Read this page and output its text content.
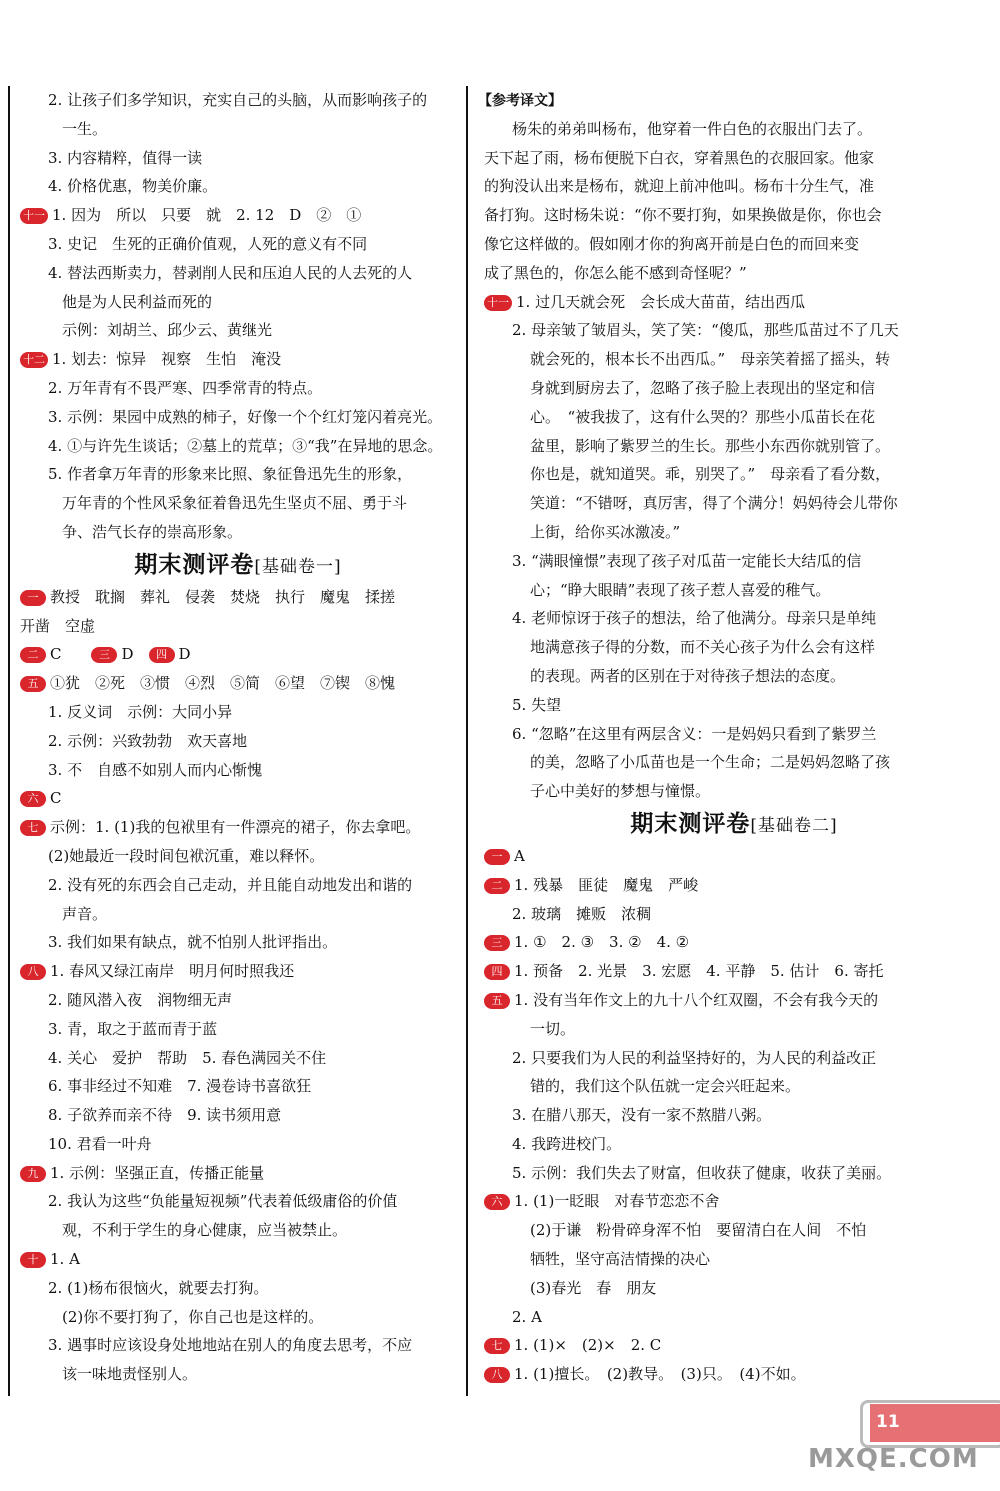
2. 让孩子们多学知识，充实自己的头脑，从而影响孩子的
一生。
3. 内容精粹，值得一读
4. 价格优惠，物美价廉。
十一 1. 因为　所以　只要　就　2. 12　D　②　①
3. 史记　生死的正确价值观，人死的意义有不同
4. 替法西斯卖力，替剥削人民和压迫人民的人去死的人
他是为人民利益而死的
示例：刘胡兰、邱少云、黄继光
十二 1. 划去：惊异　视察　生怕　淹没
2. 万年青有不畏严寒、四季常青的特点。
3. 示例：果园中成熟的柿子，好像一个个红灯笼闪着亮光。
4. ①与许先生谈话；②墓上的荒草；③“我”在异地的思念。
5. 作者拿万年青的形象来比照、象征鲁迅先生的形象，
万年青的个性风采象征着鲁迅先生坚贞不屈、勇于斗
争、浩气长存的崇高形象。
期末测评卷[基础卷一]
一 教授　耽搁　葬礼　侵袭　焚烧　执行　魔鬼　揉搓
开凿　空虚
二 C　　三 D　四 D
五 ①犹　②死　③惯　④烈　⑤简　⑥望　⑦锲　⑧愧
1. 反义词　示例：大同小异
2. 示例：兴致勃勃　欢天喜地
3. 不　自感不如别人而内心惭愧
六 C
七 示例：1. (1)我的包袱里有一件漂亮的裙子，你去拿吧。
(2)她最近一段时间包袱沉重，难以释怀。
2. 没有死的东西会自己走动，并且能自动地发出和谐的
声音。
3. 我们如果有缺点，就不怕别人批评指出。
八 1. 春风又绿江南岸　明月何时照我还
2. 随风潜入夜　润物细无声
3. 青，取之于蓝而青于蓝
4. 关心　爱护　帮助　5. 春色满园关不住
6. 事非经过不知难　7. 漫卷诗书喜欲狂
8. 子欲养而亲不待　9. 读书须用意
10. 君看一叶舟
九 1. 示例：坚强正直，传播正能量
2. 我认为这些“负能量短视频”代表着低级庸俗的价值
观，不利于学生的身心健康，应当被禁止。
十 1. A
2. (1)杨布很恼火，就要去打狗。
(2)你不要打狗了，你自己也是这样的。
3. 遇事时应该设身处地地站在别人的角度去思考，不应
该一味地责怪别人。
【参考译文】
杨朱的弟弟叫杨布，他穿着一件白色的衣服出门去了。
天下起了雨，杨布便脱下白衣，穿着黑色的衣服回家。他家
的狗没认出来是杨布，就迎上前冲他叫。杨布十分生气，准
备打狗。这时杨朱说：“你不要打狗，如果换做是你，你也会
像它这样做的。假如刚才你的狗离开前是白色的而回来变
成了黑色的，你怎么能不感到奇怪呢？”
十一 1. 过几天就会死　会长成大苗苗，结出西瓜
2. 母亲皱了皱眉头，笑了笑：“傻瓜，那些瓜苗过不了几天
就会死的，根本长不出西瓜。”　母亲笑着摇了摇头，转
身就到厨房去了，忽略了孩子脸上表现出的坚定和信
心。　“被我拔了，这有什么哭的？那些小瓜苗长在花
盆里，影响了紫罗兰的生长。那些小东西你就别管了。
你也是，就知道哭。乖，别哭了。”　母亲看了看分数，
笑道：“不错呀，真厉害，得了个满分！妈妈待会儿带你
上街，给你买冰激凌。”
3. “满眼憧憬”表现了孩子对瓜苗一定能长大结瓜的信
心；“睁大眼睛”表现了孩子惹人喜爱的稚气。
4. 老师惊讶于孩子的想法，给了他满分。母亲只是单纯
地满意孩子得的分数，而不关心孩子为什么会有这样
的表现。两者的区别在于对待孩子想法的态度。
5. 失望
6. “忽略”在这里有两层含义：一是妈妈只看到了紫罗兰
的美，忽略了小瓜苗也是一个生命；二是妈妈忽略了孩
子心中美好的梦想与憧憬。
期末测评卷[基础卷二]
一 A
二 1. 残暴　匪徒　魔鬼　严峻
2. 玻璃　摊贩　浓稠
三 1. ①　2. ③　3. ②　4. ②
四 1. 预备　2. 光景　3. 宏愿　4. 平静　5. 估计　6. 寄托
五 1. 没有当年作文上的九十八个红双圈，不会有我今天的
一切。
2. 只要我们为人民的利益坚持好的，为人民的利益改正
错的，我们这个队伍就一定会兴旺起来。
3. 在腊八那天，没有一家不熬腊八粥。
4. 我跨进校门。
5. 示例：我们失去了财富，但收获了健康，收获了美丽。
六 1. (1)一眨眼　对春节恋恋不舍
(2)于谦　粉骨碎身浑不怕　要留清白在人间　不怕
牺牲，坚守高洁情操的决心
(3)春光　春　朋友
2. A
七 1. (1)×　(2)×　2. C
八 1. (1)擅长。　(2)教导。　(3)只。　(4)不如。
11
MXQE.COM
